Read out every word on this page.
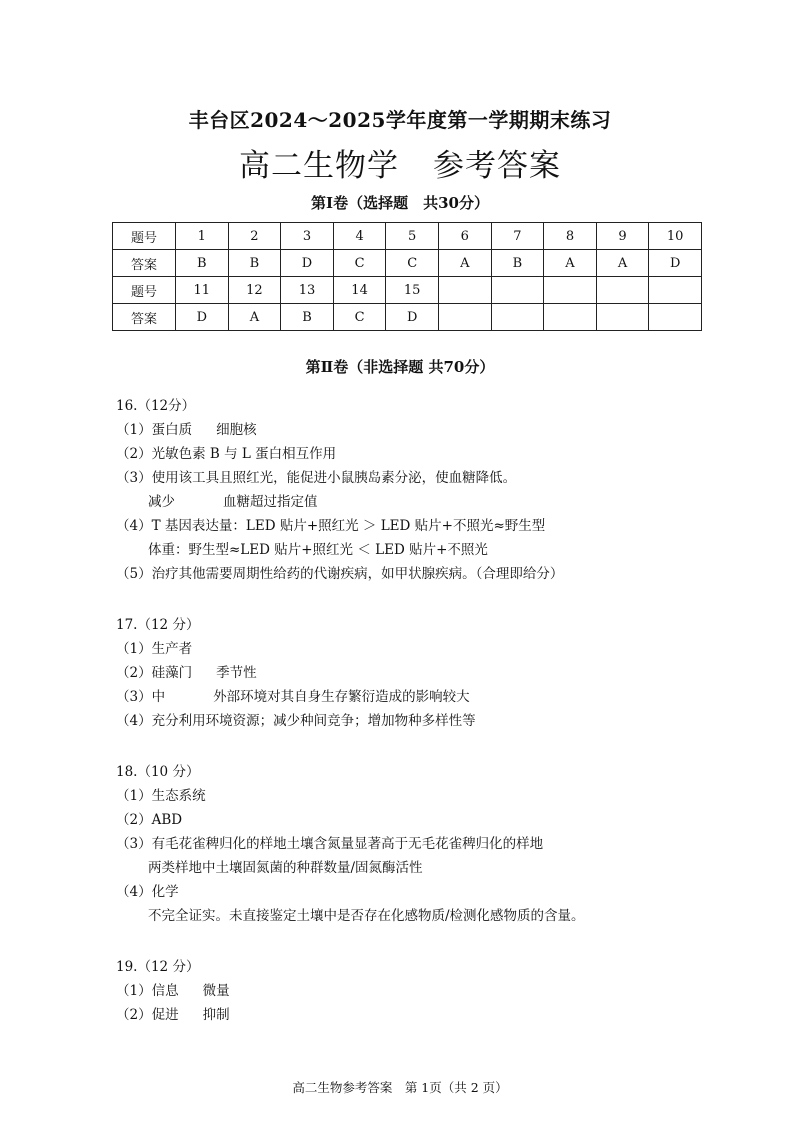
丰台区2024～2025学年度第一学期期末练习
高二生物学 参考答案
第Ⅰ卷（选择题　共30分）
题号	1	2	3	4	5	6	7	8	9	10
答案	B	B	D	C	C	A	B	A	A	D
题号	11	12	13	14	15					
答案	D	A	B	C	D					
第Ⅱ卷（非选择题 共70分）

16.（12分）

（1）蛋白质 细胞核

（2）光敏色素 B 与 L 蛋白相互作用

（3）使用该工具且照红光，能促进小鼠胰岛素分泌，使血糖降低。

减少	血糖超过指定值

（4）T 基因表达量：LED 贴片+照红光 ＞ LED 贴片+不照光≈野生型

体重：野生型≈LED 贴片+照红光 ＜ LED 贴片+不照光

（5）治疗其他需要周期性给药的代谢疾病，如甲状腺疾病。（合理即给分）

17.（12 分）

（1）生产者

（2）硅藻门 季节性

（3）中	外部环境对其自身生存繁衍造成的影响较大

（4）充分利用环境资源；减少种间竞争；增加物种多样性等

18.（10 分）

（1）生态系统

（2）ABD

（3）有毛花雀稗归化的样地土壤含氮量显著高于无毛花雀稗归化的样地

两类样地中土壤固氮菌的种群数量/固氮酶活性

（4）化学

不完全证实。未直接鉴定土壤中是否存在化感物质/检测化感物质的含量。

19.（12 分）

（1）信息 微量

（2）促进 抑制

高二生物参考答案　第 1页（共 2 页）
